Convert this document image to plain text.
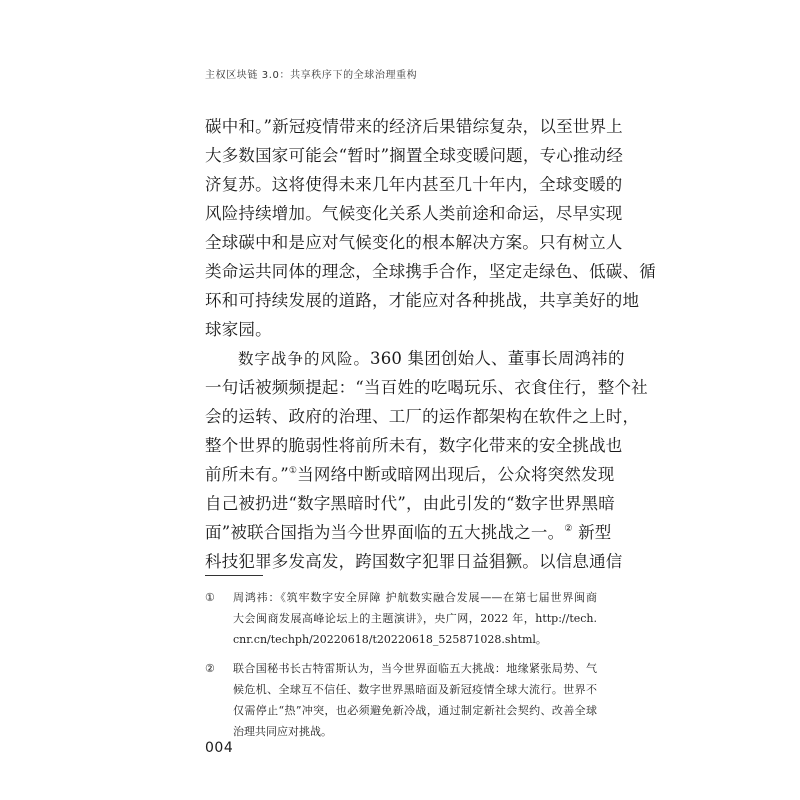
主权区块链 3.0：共享秩序下的全球治理重构
碳中和。”新冠疫情带来的经济后果错综复杂，以至世界上
大多数国家可能会“暂时”搁置全球变暖问题，专心推动经
济复苏。这将使得未来几年内甚至几十年内，全球变暖的
风险持续增加。气候变化关系人类前途和命运，尽早实现
全球碳中和是应对气候变化的根本解决方案。只有树立人
类命运共同体的理念，全球携手合作，坚定走绿色、低碳、循
环和可持续发展的道路，才能应对各种挑战，共享美好的地
球家园。
数字战争的风险。360 集团创始人、董事长周鸿祎的
一句话被频频提起：“当百姓的吃喝玩乐、衣食住行，整个社
会的运转、政府的治理、工厂的运作都架构在软件之上时，
整个世界的脆弱性将前所未有，数字化带来的安全挑战也
前所未有。”①当网络中断或暗网出现后，公众将突然发现
自己被扔进“数字黑暗时代”，由此引发的“数字世界黑暗
面”被联合国指为当今世界面临的五大挑战之一。② 新型
科技犯罪多发高发，跨国数字犯罪日益猖獗。以信息通信
①	周鸿祎：《筑牢数字安全屏障 护航数实融合发展——在第七届世界闽商
大会闽商发展高峰论坛上的主题演讲》，央广网，2022 年，http://tech.
cnr.cn/techph/20220618/t20220618_525871028.shtml。
②	联合国秘书长古特雷斯认为，当今世界面临五大挑战：地缘紧张局势、气
候危机、全球互不信任、数字世界黑暗面及新冠疫情全球大流行。世界不
仅需停止“热”冲突，也必须避免新冷战，通过制定新社会契约、改善全球
治理共同应对挑战。
004
